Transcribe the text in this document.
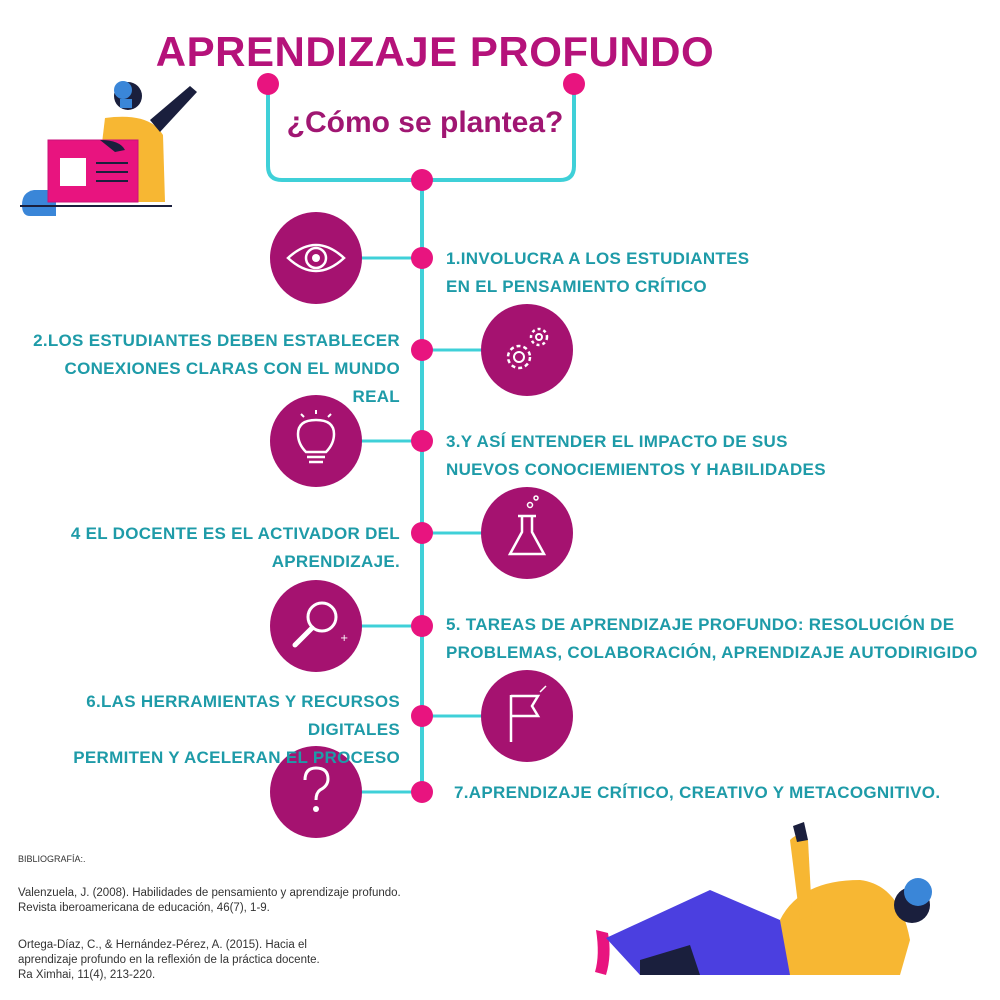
+
APRENDIZAJE PROFUNDO
¿Cómo se plantea?
1.INVOLUCRA A LOS ESTUDIANTES
EN EL PENSAMIENTO CRÍTICO
2.LOS ESTUDIANTES DEBEN ESTABLECER
CONEXIONES CLARAS CON EL MUNDO REAL
3.Y ASÍ ENTENDER EL IMPACTO DE SUS
NUEVOS CONOCIEMIENTOS Y HABILIDADES
4 EL DOCENTE ES EL ACTIVADOR DEL
APRENDIZAJE.
5. TAREAS DE APRENDIZAJE PROFUNDO: RESOLUCIÓN DE
PROBLEMAS, COLABORACIÓN, APRENDIZAJE AUTODIRIGIDO
6.LAS HERRAMIENTAS Y RECURSOS DIGITALES
PERMITEN Y ACELERAN EL PROCESO
7.APRENDIZAJE CRÍTICO, CREATIVO Y METACOGNITIVO.
BIBLIOGRAFÍA:.
Valenzuela, J. (2008). Habilidades de pensamiento y aprendizaje profundo.
Revista iberoamericana de educación, 46(7), 1-9.
Ortega-Díaz, C., & Hernández-Pérez, A. (2015). Hacia el
aprendizaje profundo en la reflexión de la práctica docente.
Ra Ximhai, 11(4), 213-220.
